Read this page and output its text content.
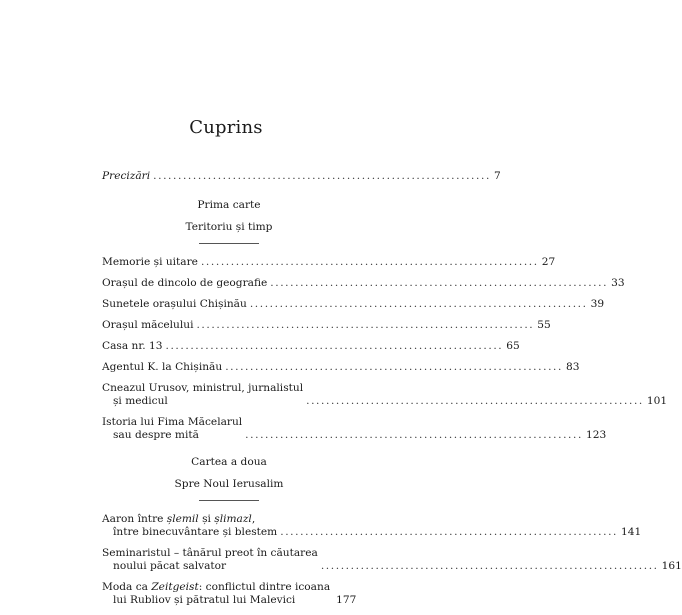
Cuprins
Precizări .................................................................... 7
Prima carte
Teritoriu și timp
Memorie și uitare .................................................................... 27
Orașul de dincolo de geografie .................................................................... 33
Sunetele orașului Chișinău .................................................................... 39
Orașul măcelului .................................................................... 55
Casa nr. 13 .................................................................... 65
Agentul K. la Chișinău .................................................................... 83
Cneazul Urusov, ministrul, jurnalistul
și medicul	.................................................................... 101
Istoria lui Fima Măcelarul
sau despre mită	.................................................................... 123
Cartea a doua
Spre Noul Ierusalim
Aaron între șlemil și șlimazl,
între binecuvântare și blestem .................................................................... 141
Seminaristul – tânărul preot în căutarea
noului păcat salvator	.................................................................... 161
Moda ca Zeitgeist: conflictul dintre icoana
lui Rubliov și pătratul lui Malevici	177
